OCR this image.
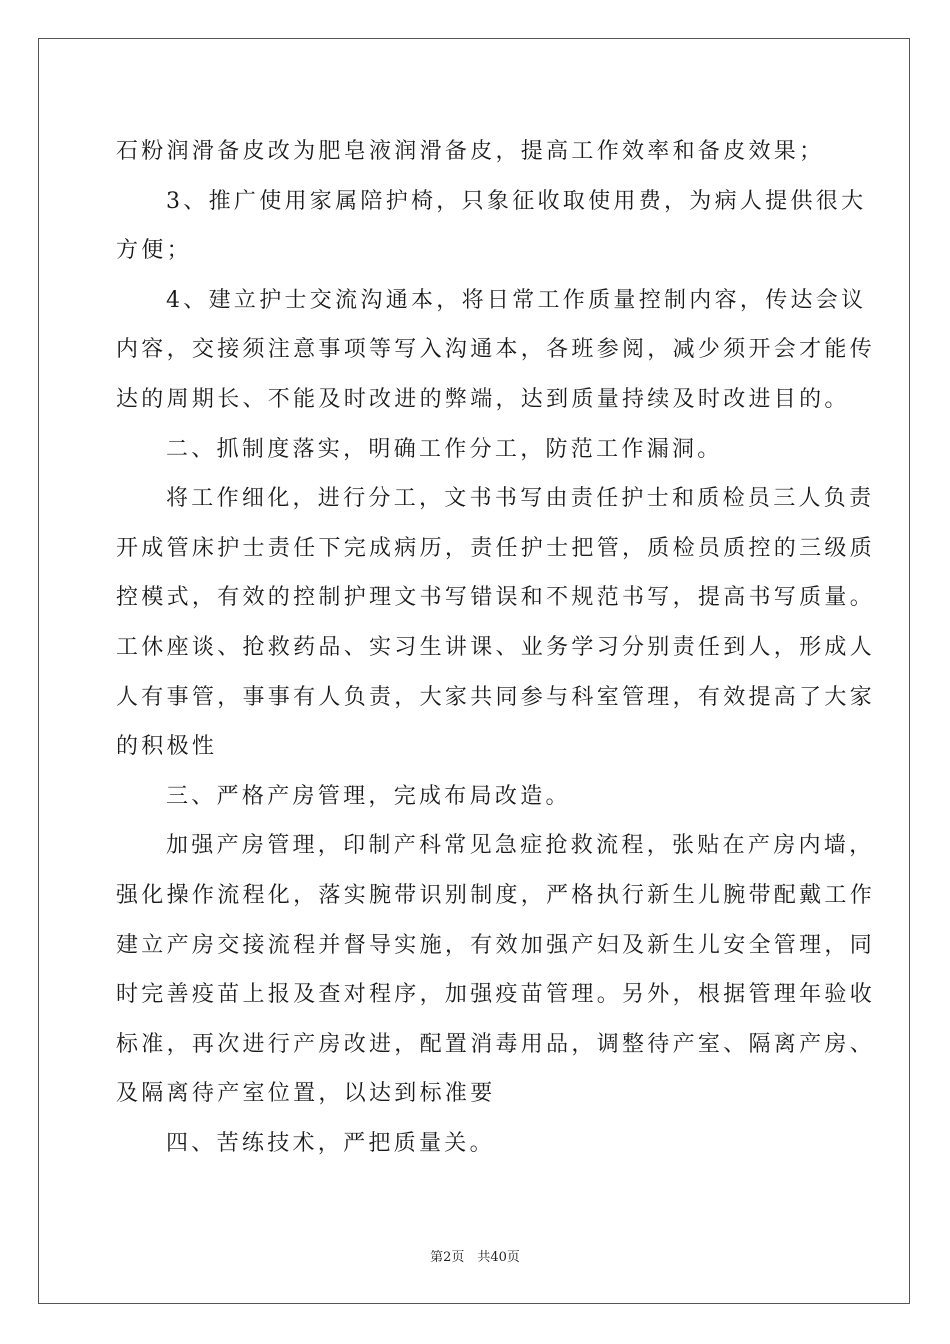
石粉润滑备皮改为肥皂液润滑备皮，提高工作效率和备皮效果；
3、推广使用家属陪护椅，只象征收取使用费，为病人提供很大
方便；
4、建立护士交流沟通本，将日常工作质量控制内容，传达会议
内容，交接须注意事项等写入沟通本，各班参阅，减少须开会才能传
达的周期长、不能及时改进的弊端，达到质量持续及时改进目的。
二、抓制度落实，明确工作分工，防范工作漏洞。
将工作细化，进行分工，文书书写由责任护士和质检员三人负责
开成管床护士责任下完成病历，责任护士把管，质检员质控的三级质
控模式，有效的控制护理文书写错误和不规范书写，提高书写质量。
工休座谈、抢救药品、实习生讲课、业务学习分别责任到人，形成人
人有事管，事事有人负责，大家共同参与科室管理，有效提高了大家
的积极性
三、严格产房管理，完成布局改造。
加强产房管理，印制产科常见急症抢救流程，张贴在产房内墙，
强化操作流程化，落实腕带识别制度，严格执行新生儿腕带配戴工作
建立产房交接流程并督导实施，有效加强产妇及新生儿安全管理，同
时完善疫苗上报及查对程序，加强疫苗管理。另外，根据管理年验收
标准，再次进行产房改进，配置消毒用品，调整待产室、隔离产房、
及隔离待产室位置，以达到标准要
四、苦练技术，严把质量关。
第2页　共40页
